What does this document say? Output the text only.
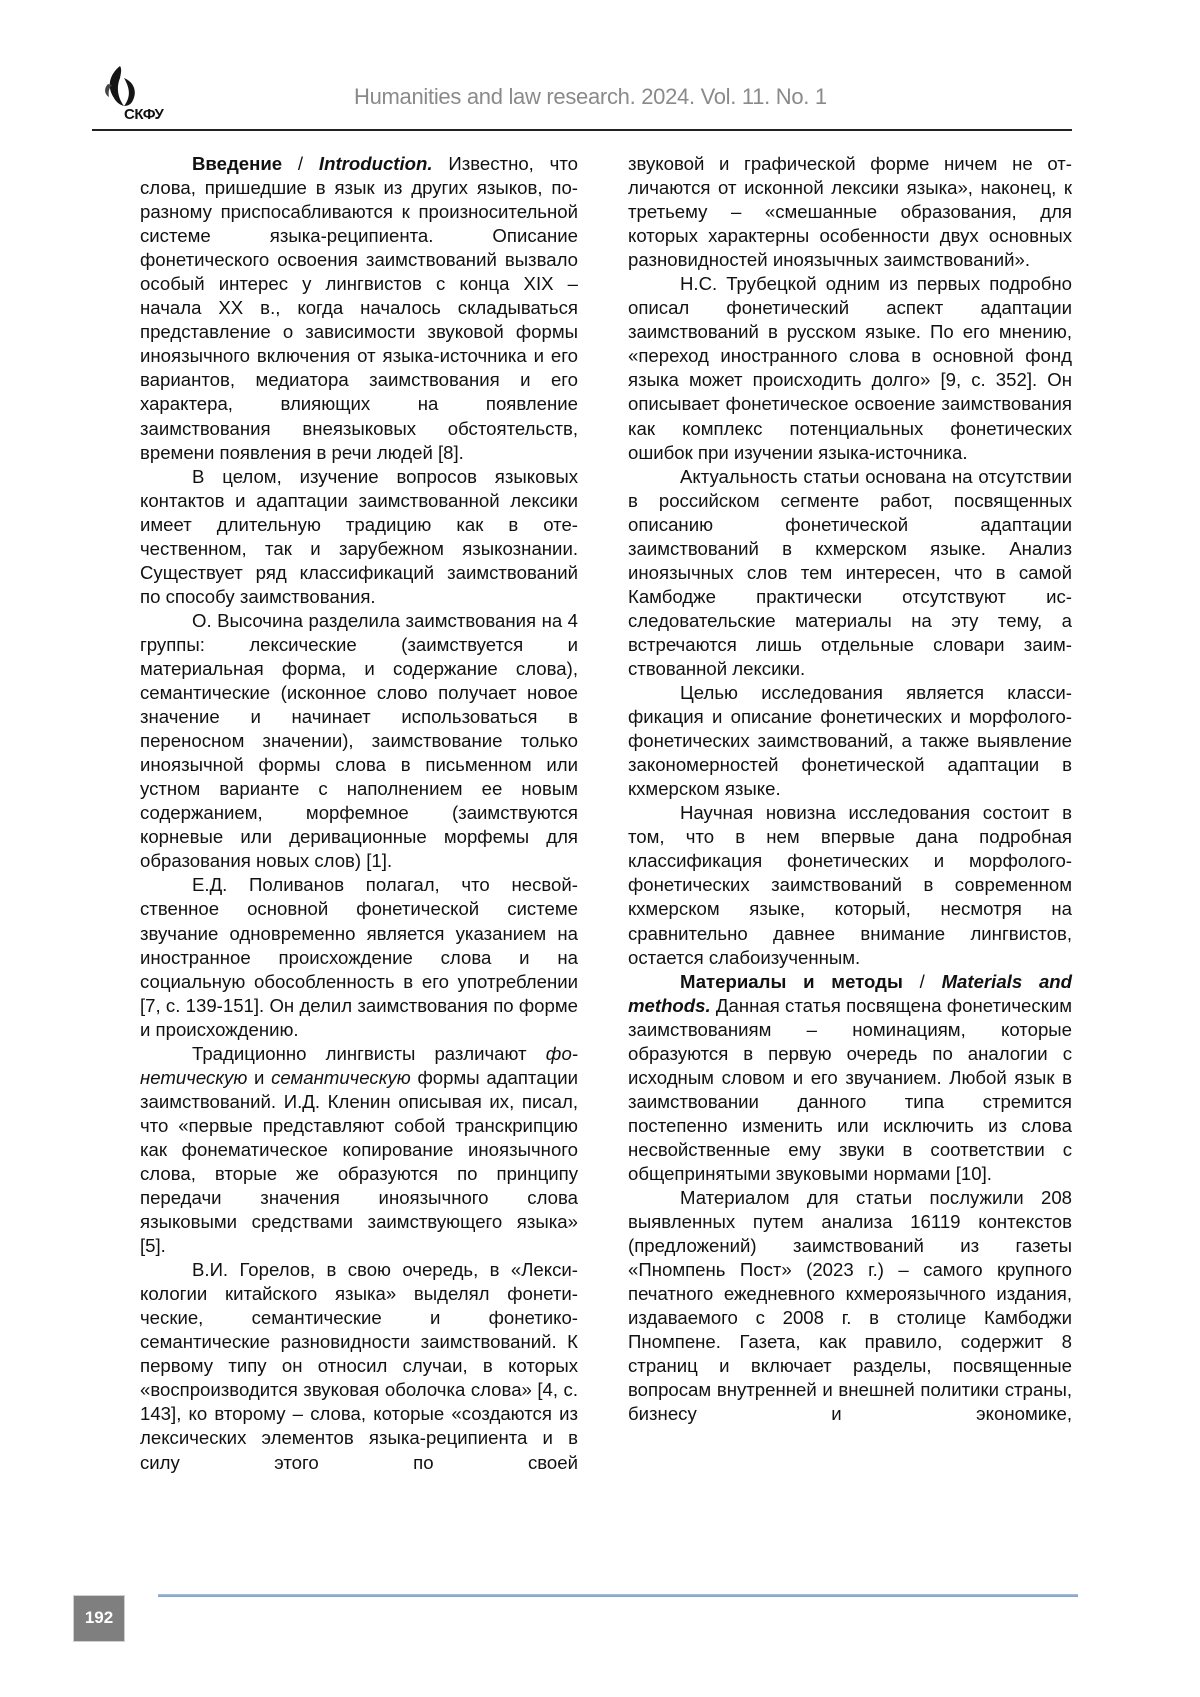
СКФУ
Humanities and law research. 2024. Vol. 11. No. 1

Введение / Introduction. Известно, что слова, пришедшие в язык из других языков, по-разному приспосабливаются к произносительной системе языка-реципиента. Описание фонетического освоения заимствований вызвало особый интерес у лингвистов с конца XIX – начала XX в., когда началось складываться представление о зависимости звуковой формы иноязычного включения от языка-источника и его вариантов, медиатора заимствования и его характера, влияющих на появление заимствования внеязыковых обстоятельств, времени появления в речи людей [8].

В целом, изучение вопросов языковых контактов и адаптации заимствованной лексики имеет длительную традицию как в отечественном, так и зарубежном языкознании. Существует ряд классификаций заимствований по способу заимствования.

О. Высочина разделила заимствования на 4 группы: лексические (заимствуется и материальная форма, и содержание слова), семантические (исконное слово получает новое значение и начинает использоваться в переносном значении), заимствование только иноязычной формы слова в письменном или устном варианте с наполнением ее новым содержанием, морфемное (заимствуются корневые или деривационные морфемы для образования новых слов) [1].

Е.Д. Поливанов полагал, что несвойственное основной фонетической системе звучание одновременно является указанием на иностранное происхождение слова и на социальную обособленность в его употреблении [7, с. 139-151]. Он делил заимствования по форме и происхождению.

Традиционно лингвисты различают фонетическую и семантическую формы адаптации заимствований. И.Д. Кленин описывая их, писал, что «первые представляют собой транскрипцию как фонематическое копирование иноязычного слова, вторые же образуются по принципу передачи значения иноязычного слова языковыми средствами заимствующего языка» [5].

В.И. Горелов, в свою очередь, в «Лексикологии китайского языка» выделял фонетические, семантические и фонетико-семантические разновидности заимствований. К первому типу он относил случаи, в которых «воспроизводится звуковая оболочка слова» [4, с. 143], ко второму – слова, которые «создаются из лексических элементов языка-реципиента и в силу этого по своей

звуковой и графической форме ничем не отличаются от исконной лексики языка», наконец, к третьему – «смешанные образования, для которых характерны особенности двух основных разновидностей иноязычных заимствований».

Н.С. Трубецкой одним из первых подробно описал фонетический аспект адаптации заимствований в русском языке. По его мнению, «переход иностранного слова в основной фонд языка может происходить долго» [9, с. 352]. Он описывает фонетическое освоение заимствования как комплекс потенциальных фонетических ошибок при изучении языка-источника.

Актуальность статьи основана на отсутствии в российском сегменте работ, посвященных описанию фонетической адаптации заимствований в кхмерском языке. Анализ иноязычных слов тем интересен, что в самой Камбодже практически отсутствуют исследовательские материалы на эту тему, а встречаются лишь отдельные словари заимствованной лексики.

Целью исследования является классификация и описание фонетических и морфолого-фонетических заимствований, а также выявление закономерностей фонетической адаптации в кхмерском языке.

Научная новизна исследования состоит в том, что в нем впервые дана подробная классификация фонетических и морфолого-фонетических заимствований в современном кхмерском языке, который, несмотря на сравнительно давнее внимание лингвистов, остается слабоизученным.

Материалы и методы / Materials and methods. Данная статья посвящена фонетическим заимствованиям – номинациям, которые образуются в первую очередь по аналогии с исходным словом и его звучанием. Любой язык в заимствовании данного типа стремится постепенно изменить или исключить из слова несвойственные ему звуки в соответствии с общепринятыми звуковыми нормами [10].

Материалом для статьи послужили 208 выявленных путем анализа 16119 контекстов (предложений) заимствований из газеты «Пномпень Пост» (2023 г.) – самого крупного печатного ежедневного кхмероязычного издания, издаваемого с 2008 г. в столице Камбоджи Пномпене. Газета, как правило, содержит 8 страниц и включает разделы, посвященные вопросам внутренней и внешней политики страны, бизнесу и экономике,

192
